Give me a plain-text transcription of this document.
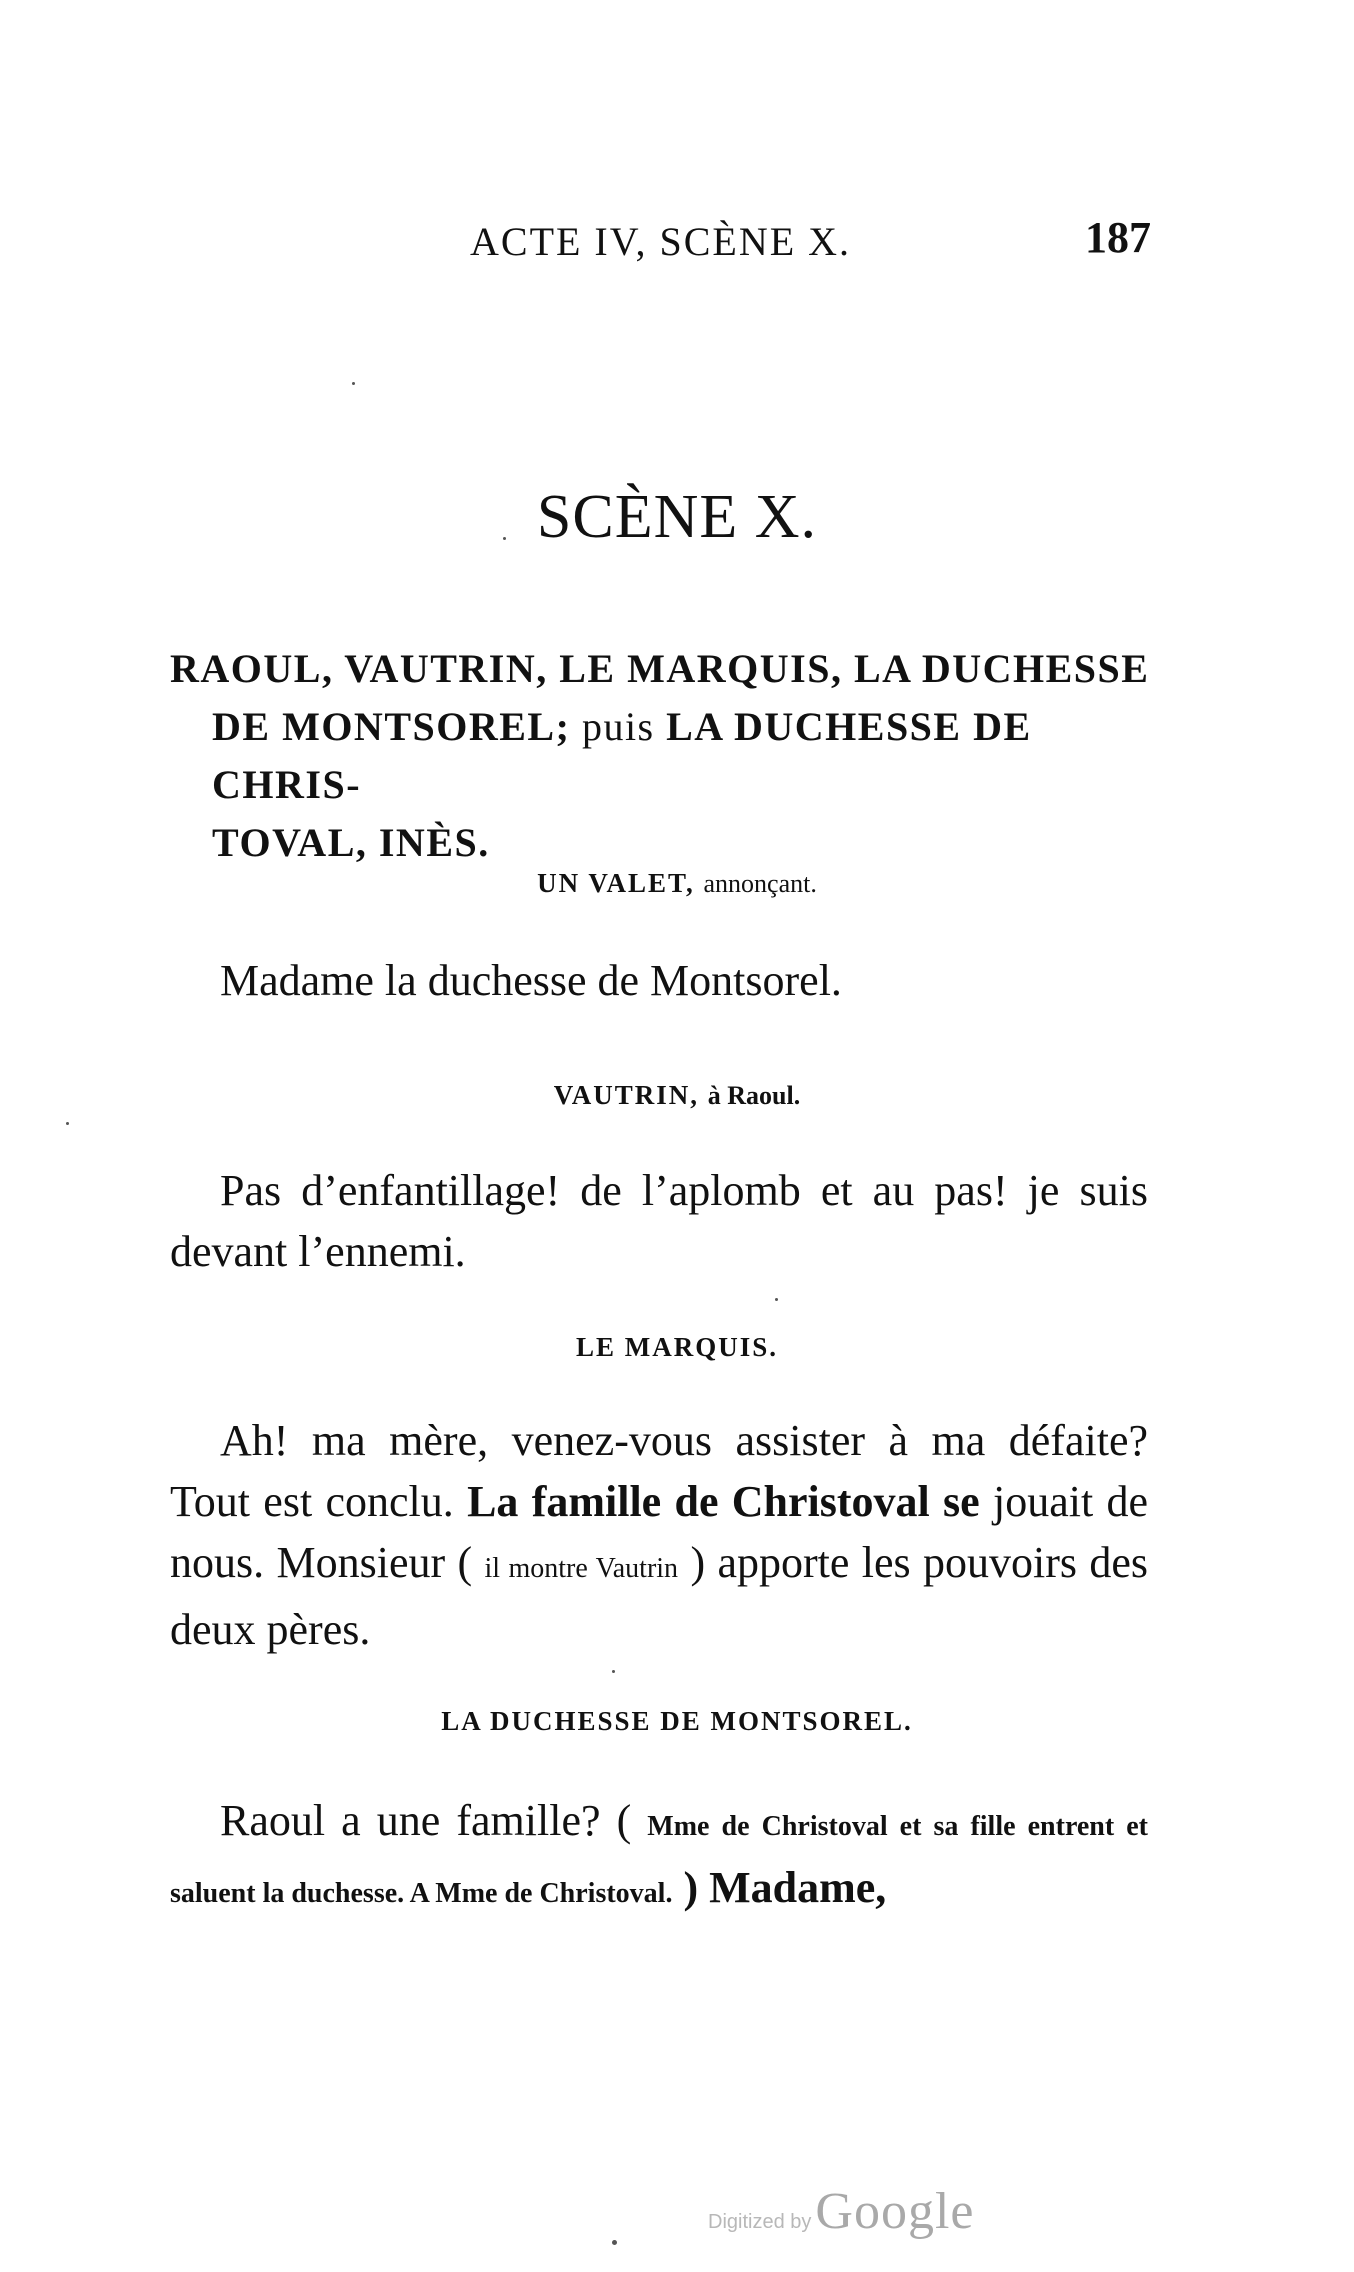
ACTE IV, SCÈNE X.	187
SCÈNE X.
RAOUL, VAUTRIN, LE MARQUIS, LA DUCHESSE

DE MONTSOREL; puis LA DUCHESSE DE CHRIS-
TOVAL, INÈS.
UN VALET, annonçant.
Madame la duchesse de Montsorel.
VAUTRIN, à Raoul.
Pas d’enfantillage! de l’aplomb et au pas! je suis devant l’ennemi.
LE MARQUIS.
Ah! ma mère, venez-vous assister à ma défaite? Tout est conclu. La famille de Christoval se jouait de nous. Monsieur ( il montre Vautrin ) apporte les pouvoirs des deux pères.
LA DUCHESSE DE MONTSOREL.
Raoul a une famille? ( Mme de Christoval et sa fille entrent et saluent la duchesse. A Mme de Christoval. ) Madame,
Digitized by Google
